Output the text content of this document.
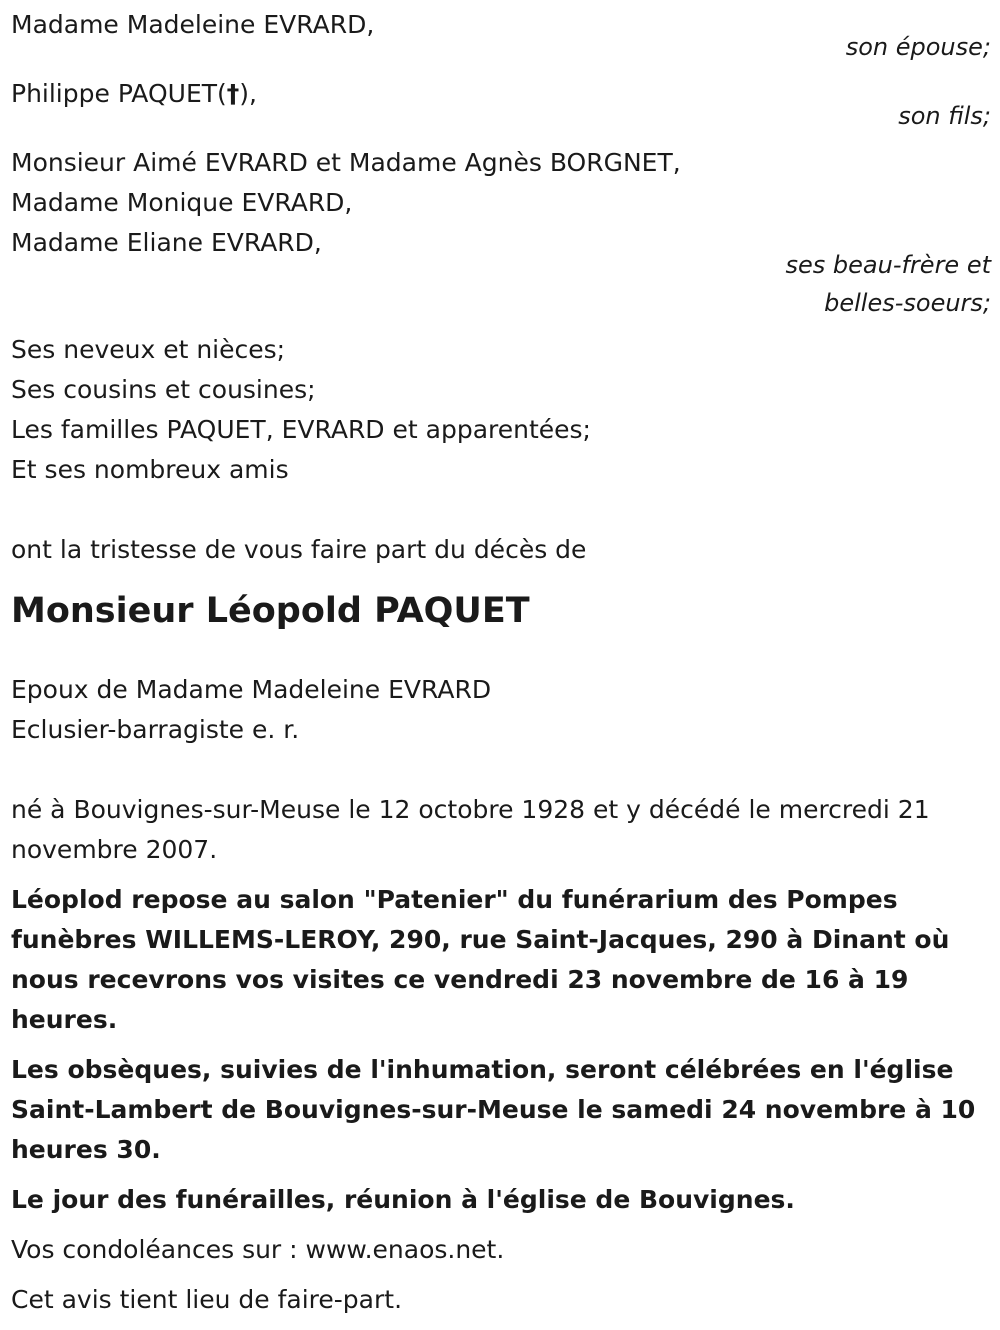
Madame Madeleine EVRARD,
son épouse;
Philippe PAQUET(†),
son fils;
Monsieur Aimé EVRARD et Madame Agnès BORGNET,
Madame Monique EVRARD,
Madame Eliane EVRARD,
ses beau-frère et
belles-soeurs;
Ses neveux et nièces;
Ses cousins et cousines;
Les familles PAQUET, EVRARD et apparentées;
Et ses nombreux amis
ont la tristesse de vous faire part du décès de
Monsieur Léopold PAQUET
Epoux de Madame Madeleine EVRARD
Eclusier-barragiste e. r.
né à Bouvignes-sur-Meuse le 12 octobre 1928 et y décédé le mercredi 21 novembre 2007.
Léoplod repose au salon "Patenier" du funérarium des Pompes funèbres WILLEMS-LEROY, 290, rue Saint-Jacques, 290 à Dinant où nous recevrons vos visites ce vendredi 23 novembre de 16 à 19 heures.
Les obsèques, suivies de l'inhumation, seront célébrées en l'église Saint-Lambert de Bouvignes-sur-Meuse le samedi 24 novembre à 10 heures 30.
Le jour des funérailles, réunion à l'église de Bouvignes.
Vos condoléances sur : www.enaos.net.
Cet avis tient lieu de faire-part.
